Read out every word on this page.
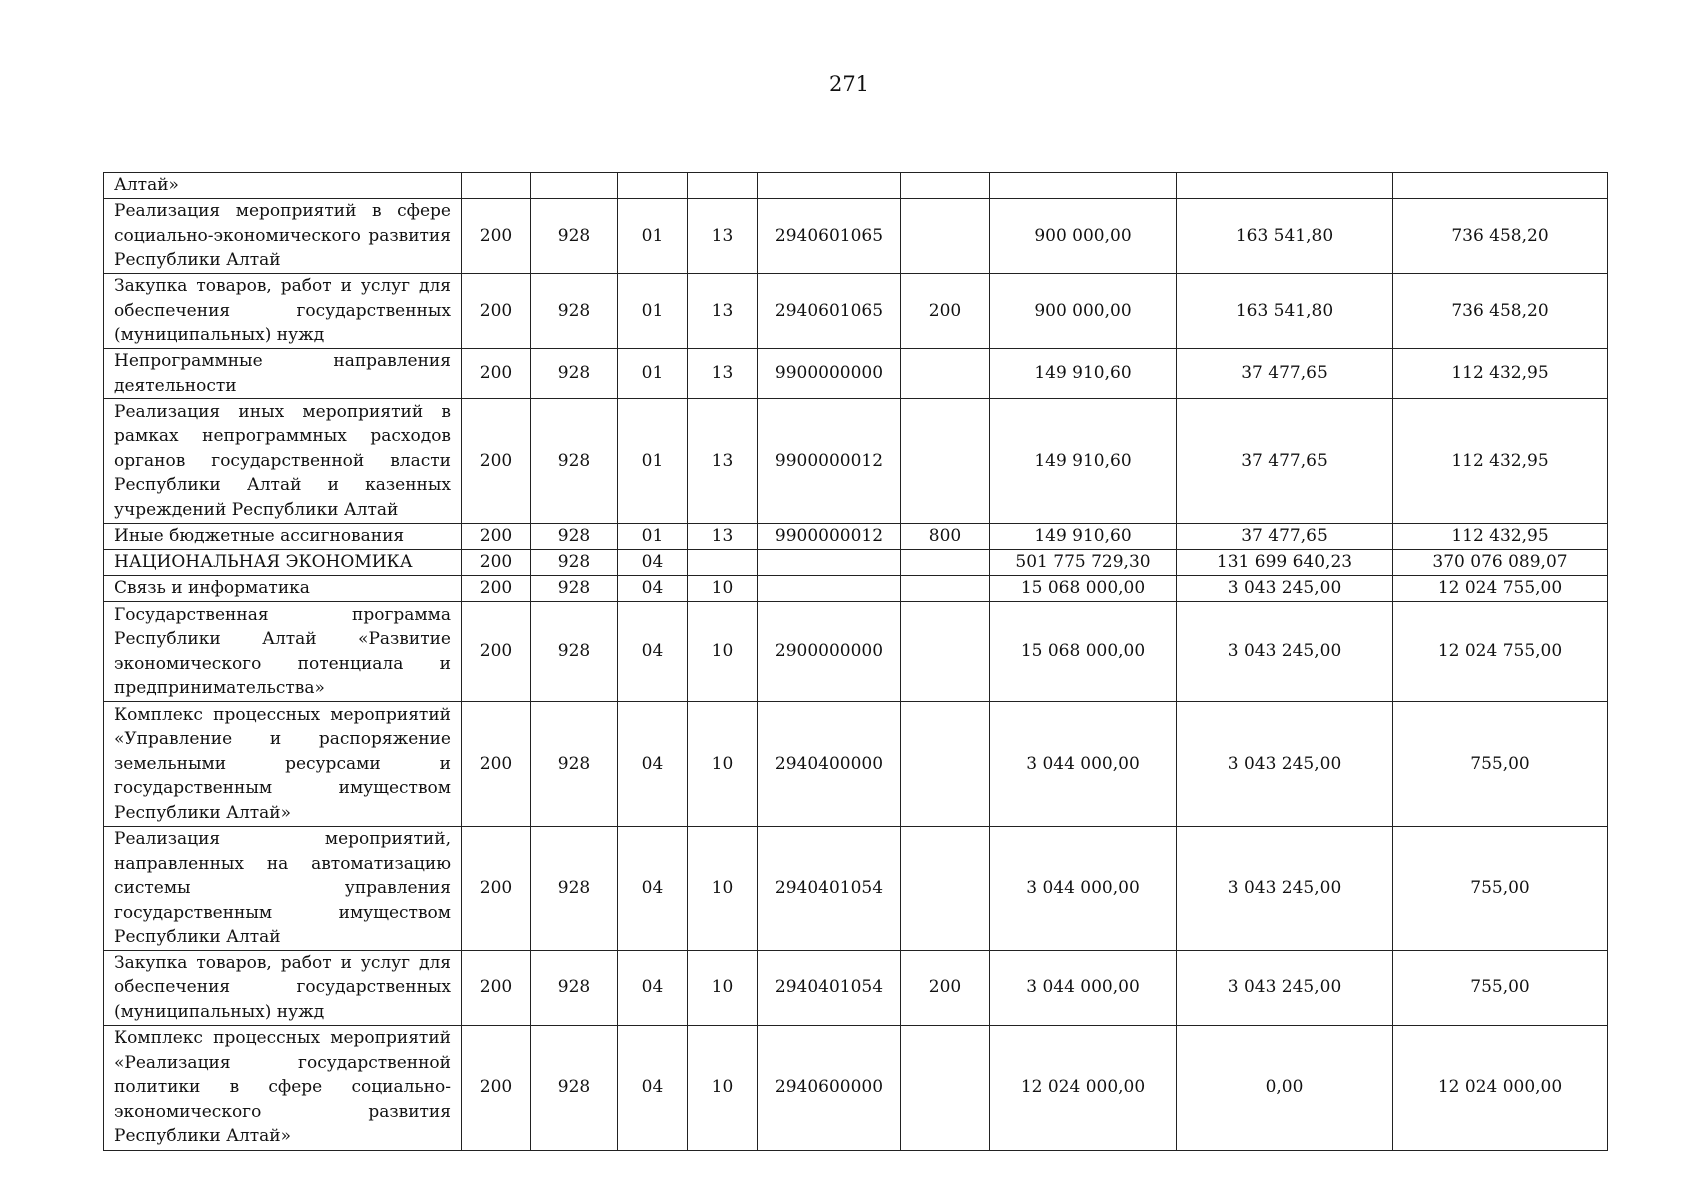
271
Алтай»									
Реализация мероприятий в сфере социально-экономического развития Республики Алтай	200	928	01	13	2940601065		900 000,00	163 541,80	736 458,20
Закупка товаров, работ и услуг для обеспечения государственных (муниципальных) нужд	200	928	01	13	2940601065	200	900 000,00	163 541,80	736 458,20
Непрограммные направления деятельности	200	928	01	13	9900000000		149 910,60	37 477,65	112 432,95
Реализация иных мероприятий в рамках непрограммных расходов органов государственной власти Республики Алтай и казенных учреждений Республики Алтай	200	928	01	13	9900000012		149 910,60	37 477,65	112 432,95
Иные бюджетные ассигнования	200	928	01	13	9900000012	800	149 910,60	37 477,65	112 432,95
НАЦИОНАЛЬНАЯ ЭКОНОМИКА	200	928	04				501 775 729,30	131 699 640,23	370 076 089,07
Связь и информатика	200	928	04	10			15 068 000,00	3 043 245,00	12 024 755,00
Государственная программа Республики Алтай «Развитие экономического потенциала и предпринимательства»	200	928	04	10	2900000000		15 068 000,00	3 043 245,00	12 024 755,00
Комплекс процессных мероприятий «Управление и распоряжение земельными ресурсами и государственным имуществом Республики Алтай»	200	928	04	10	2940400000		3 044 000,00	3 043 245,00	755,00
Реализация мероприятий, направленных на автоматизацию системы управления государственным имуществом Республики Алтай	200	928	04	10	2940401054		3 044 000,00	3 043 245,00	755,00
Закупка товаров, работ и услуг для обеспечения государственных (муниципальных) нужд	200	928	04	10	2940401054	200	3 044 000,00	3 043 245,00	755,00
Комплекс процессных мероприятий «Реализация государственной политики в сфере социально-экономического развития Республики Алтай»	200	928	04	10	2940600000		12 024 000,00	0,00	12 024 000,00
